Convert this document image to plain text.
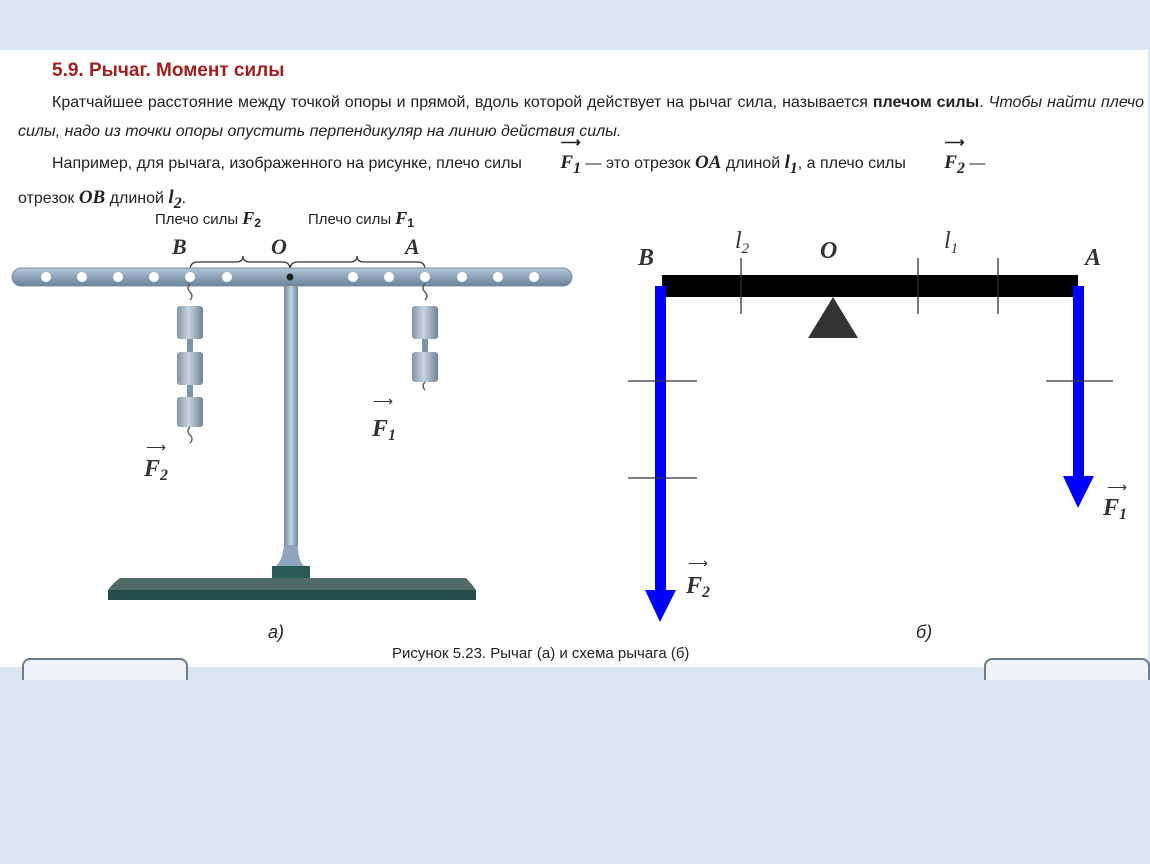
5.9. Рычаг. Момент силы
Кратчайшее расстояние между точкой опоры и прямой, вдоль которой действует на рычаг сила, называется плечом силы. Чтобы найти плечо силы, надо из точки опоры опустить перпендикуляр на линию действия силы.
Например, для рычага, изображенного на рисунке, плечо силы
⟶
$F_1$ — это отрезок OA длиной $l_1$, а плечо силы
⟶
$F_2$ —
отрезок OB длиной $l_2$.
Плечо силы $F_2$	Плечо силы $F_1$
B	O	A
⟶
F1
⟶
F2
а)
B	O	A
$l_2$	$l_1$
⟶
F1
⟶
F2
б)
Рисунок 5.23. Рычаг (а) и схема рычага (б)
